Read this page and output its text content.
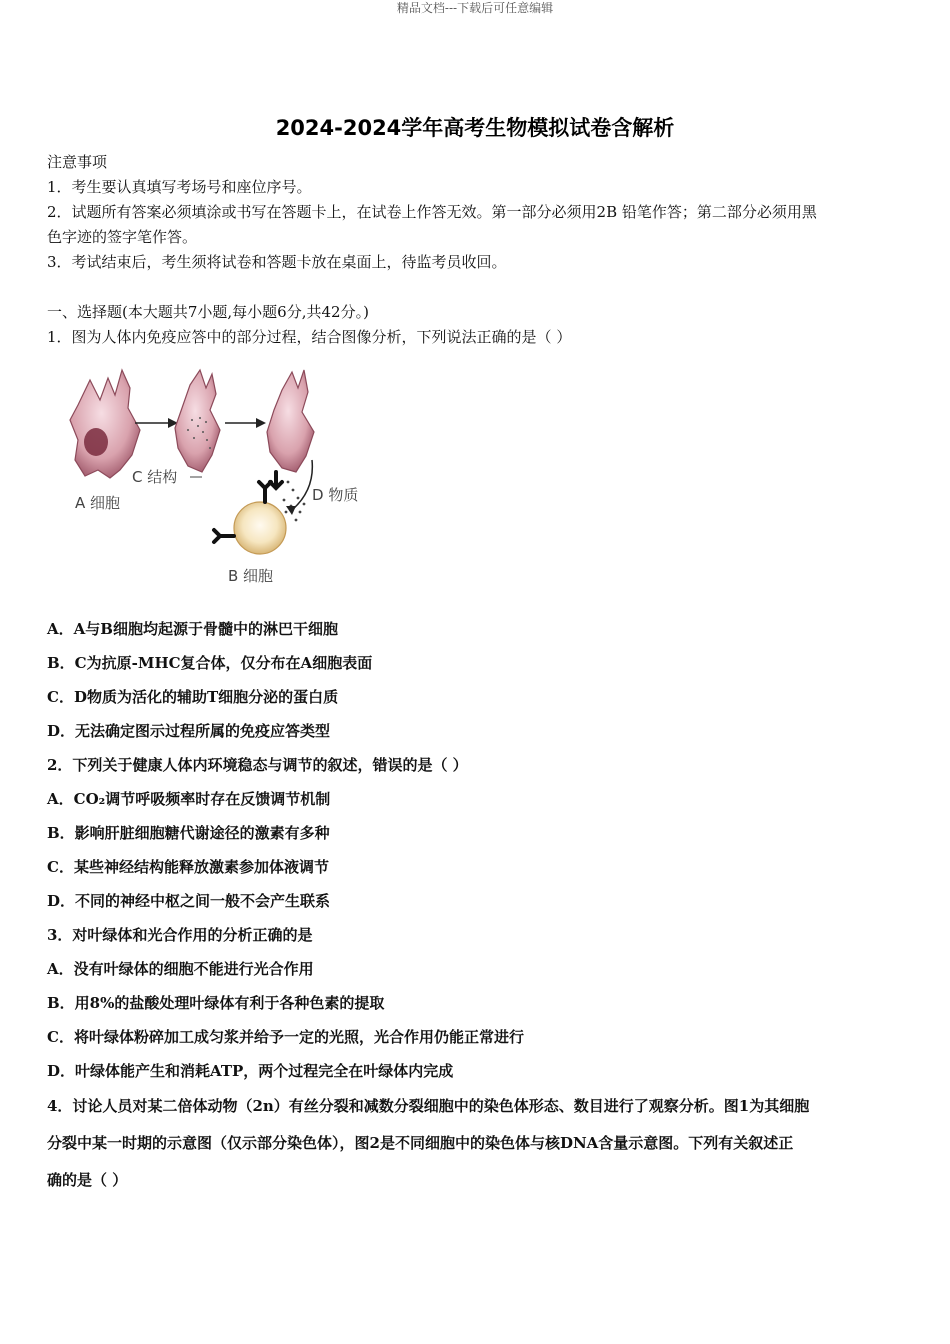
精品文档---下载后可任意编辑
2024-2024学年高考生物模拟试卷含解析
注意事项
1．考生要认真填写考场号和座位序号。
2．试题所有答案必须填涂或书写在答题卡上，在试卷上作答无效。第一部分必须用2B 铅笔作答；第二部分必须用黑
色字迹的签字笔作答。
3．考试结束后，考生须将试卷和答题卡放在桌面上，待监考员收回。
一、选择题(本大题共7小题,每小题6分,共42分。)
1．图为人体内免疫应答中的部分过程，结合图像分析，下列说法正确的是（ ）
C 结构
A 细胞	D 物质
B 细胞
A．A与B细胞均起源于骨髓中的淋巴干细胞
B．C为抗原-MHC复合体，仅分布在A细胞表面
C．D物质为活化的辅助T细胞分泌的蛋白质
D．无法确定图示过程所属的免疫应答类型
2．下列关于健康人体内环境稳态与调节的叙述，错误的是（ ）
A．CO₂调节呼吸频率时存在反馈调节机制
B．影响肝脏细胞糖代谢途径的激素有多种
C．某些神经结构能释放激素参加体液调节
D．不同的神经中枢之间一般不会产生联系
3．对叶绿体和光合作用的分析正确的是
A．没有叶绿体的细胞不能进行光合作用
B．用8%的盐酸处理叶绿体有利于各种色素的提取
C．将叶绿体粉碎加工成匀浆并给予一定的光照，光合作用仍能正常进行
D．叶绿体能产生和消耗ATP，两个过程完全在叶绿体内完成
4．讨论人员对某二倍体动物（2n）有丝分裂和减数分裂细胞中的染色体形态、数目进行了观察分析。图1为其细胞
分裂中某一时期的示意图（仅示部分染色体），图2是不同细胞中的染色体与核DNA含量示意图。下列有关叙述正
确的是（ ）
